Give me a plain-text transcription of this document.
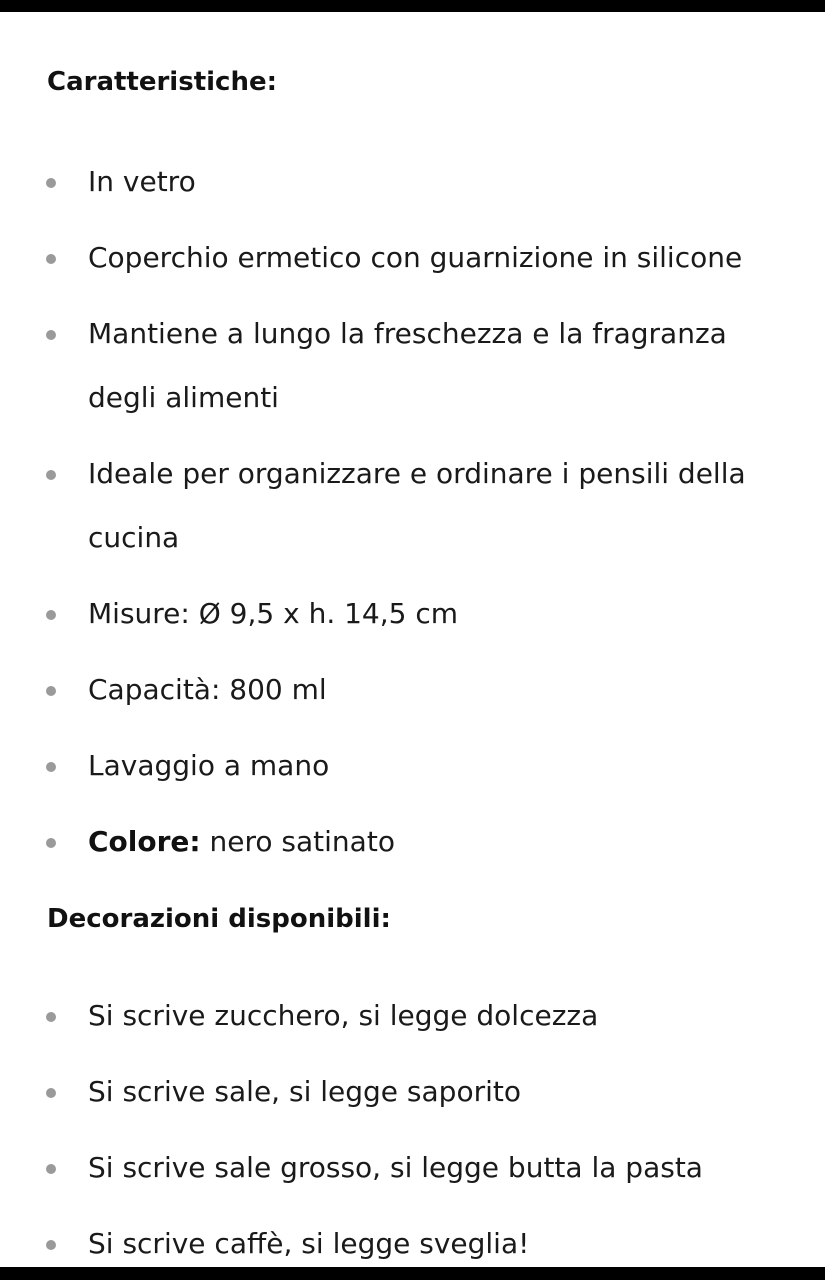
Caratteristiche:
In vetro
Coperchio ermetico con guarnizione in silicone
Mantiene a lungo la freschezza e la fragranza degli alimenti
Ideale per organizzare e ordinare i pensili della cucina
Misure: Ø 9,5 x h. 14,5 cm
Capacità: 800 ml
Lavaggio a mano
Colore: nero satinato
Decorazioni disponibili:
Si scrive zucchero, si legge dolcezza
Si scrive sale, si legge saporito
Si scrive sale grosso, si legge butta la pasta
Si scrive caffè, si legge sveglia!
